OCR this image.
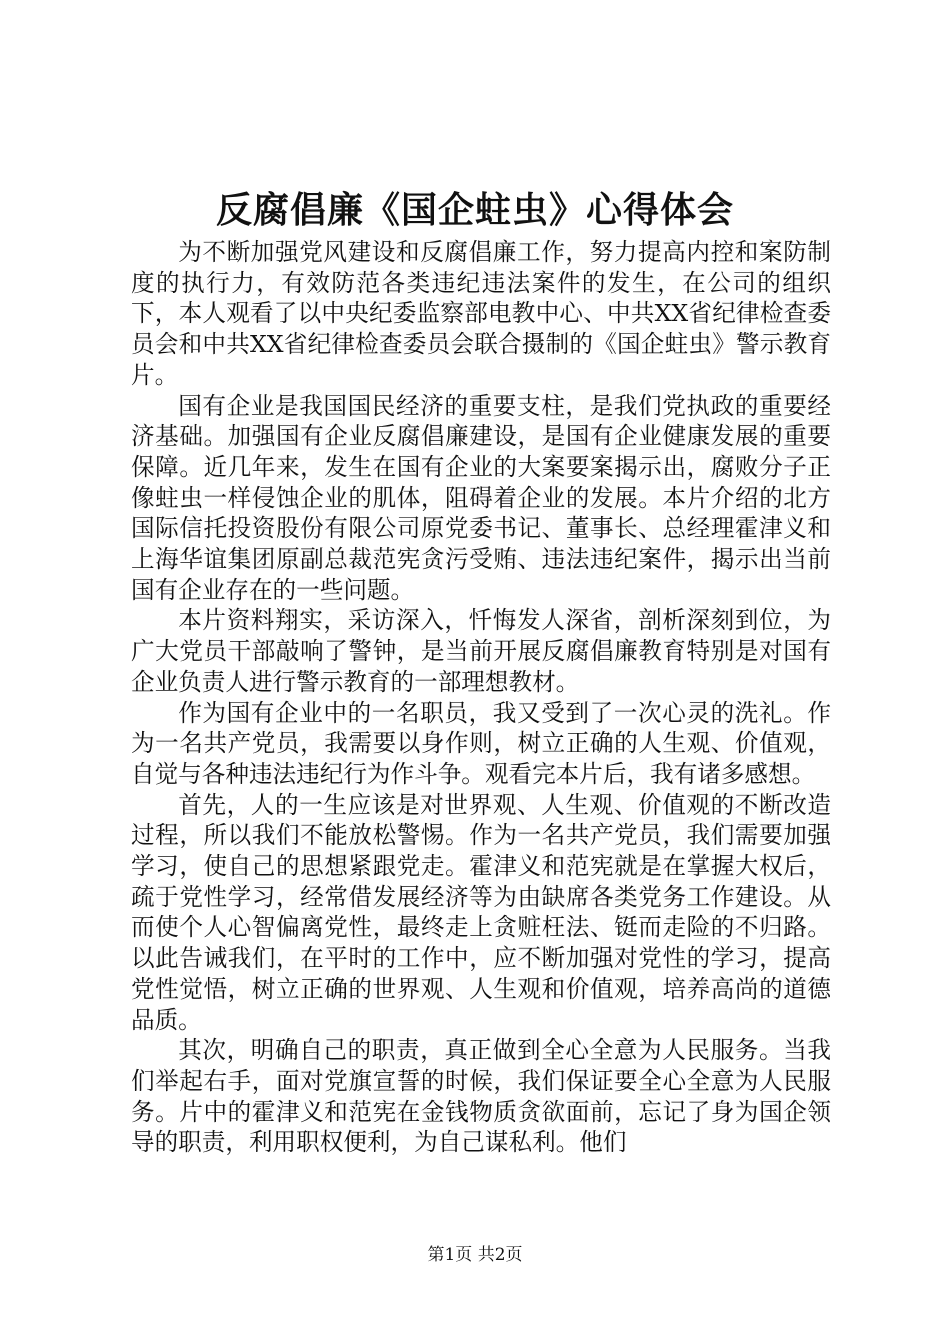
反腐倡廉《国企蛀虫》心得体会

为不断加强党风建设和反腐倡廉工作，努力提高内控和案防制度的执行力，有效防范各类违纪违法案件的发生，在公司的组织下，本人观看了以中央纪委监察部电教中心、中共XX省纪律检查委员会和中共XX省纪律检查委员会联合摄制的《国企蛀虫》警示教育片。

国有企业是我国国民经济的重要支柱，是我们党执政的重要经济基础。加强国有企业反腐倡廉建设，是国有企业健康发展的重要保障。近几年来，发生在国有企业的大案要案揭示出，腐败分子正像蛀虫一样侵蚀企业的肌体，阻碍着企业的发展。本片介绍的北方国际信托投资股份有限公司原党委书记、董事长、总经理霍津义和上海华谊集团原副总裁范宪贪污受贿、违法违纪案件，揭示出当前国有企业存在的一些问题。

本片资料翔实，采访深入，忏悔发人深省，剖析深刻到位，为广大党员干部敲响了警钟，是当前开展反腐倡廉教育特别是对国有企业负责人进行警示教育的一部理想教材。

作为国有企业中的一名职员，我又受到了一次心灵的洗礼。作为一名共产党员，我需要以身作则，树立正确的人生观、价值观，自觉与各种违法违纪行为作斗争。观看完本片后，我有诸多感想。

首先，人的一生应该是对世界观、人生观、价值观的不断改造过程，所以我们不能放松警惕。作为一名共产党员，我们需要加强学习，使自己的思想紧跟党走。霍津义和范宪就是在掌握大权后，疏于党性学习，经常借发展经济等为由缺席各类党务工作建设。从而使个人心智偏离党性，最终走上贪赃枉法、铤而走险的不归路。以此告诫我们，在平时的工作中，应不断加强对党性的学习，提高党性觉悟，树立正确的世界观、人生观和价值观，培养高尚的道德品质。

其次，明确自己的职责，真正做到全心全意为人民服务。当我们举起右手，面对党旗宣誓的时候，我们保证要全心全意为人民服务。片中的霍津义和范宪在金钱物质贪欲面前，忘记了身为国企领导的职责，利用职权便利，为自己谋私利。他们

第1页 共2页
